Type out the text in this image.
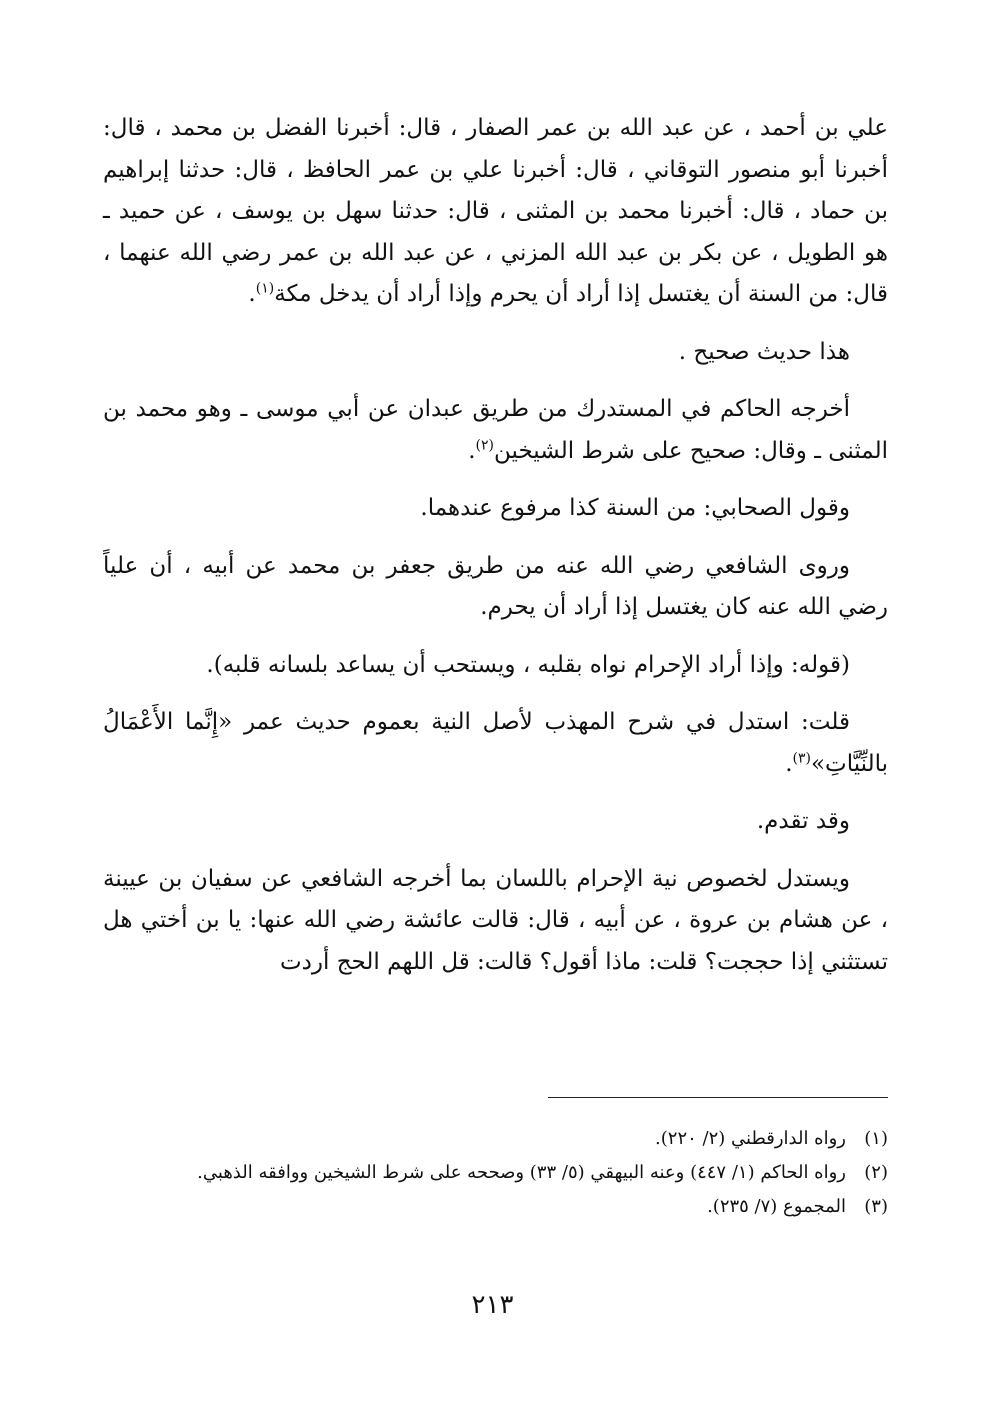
علي بن أحمد ، عن عبد الله بن عمر الصفار ، قال: أخبرنا الفضل بن محمد ، قال: أخبرنا أبو منصور التوقاني ، قال: أخبرنا علي بن عمر الحافظ ، قال: حدثنا إبراهيم بن حماد ، قال: أخبرنا محمد بن المثنى ، قال: حدثنا سهل بن يوسف ، عن حميد ـ هو الطويل ، عن بكر بن عبد الله المزني ، عن عبد الله بن عمر رضي الله عنهما ، قال: من السنة أن يغتسل إذا أراد أن يحرم وإذا أراد أن يدخل مكة$^{(١)}$.

هذا حديث صحيح .

أخرجه الحاكم في المستدرك من طريق عبدان عن أبي موسى ـ وهو محمد بن المثنى ـ وقال: صحيح على شرط الشيخين$^{(٢)}$.

وقول الصحابي: من السنة كذا مرفوع عندهما.

وروى الشافعي رضي الله عنه من طريق جعفر بن محمد عن أبيه ، أن علياً رضي الله عنه كان يغتسل إذا أراد أن يحرم.

(قوله: وإذا أراد الإحرام نواه بقلبه ، ويستحب أن يساعد بلسانه قلبه).

قلت: استدل في شرح المهذب لأصل النية بعموم حديث عمر «إِنَّما الأَعْمَالُ بالنِّيَّاتِ»$^{(٣)}$.

وقد تقدم.

ويستدل لخصوص نية الإحرام باللسان بما أخرجه الشافعي عن سفيان بن عيينة ، عن هشام بن عروة ، عن أبيه ، قال: قالت عائشة رضي الله عنها: يا بن أختي هل تستثني إذا حججت؟ قلت: ماذا أقول؟ قالت: قل اللهم الحج أردت

(١)
رواه الدارقطني (٢/ ٢٢٠).
(٢)
رواه الحاكم (١/ ٤٤٧) وعنه البيهقي (٥/ ٣٣) وصححه على شرط الشيخين ووافقه الذهبي.
(٣)
المجموع (٧/ ٢٣٥).
٢١٣
